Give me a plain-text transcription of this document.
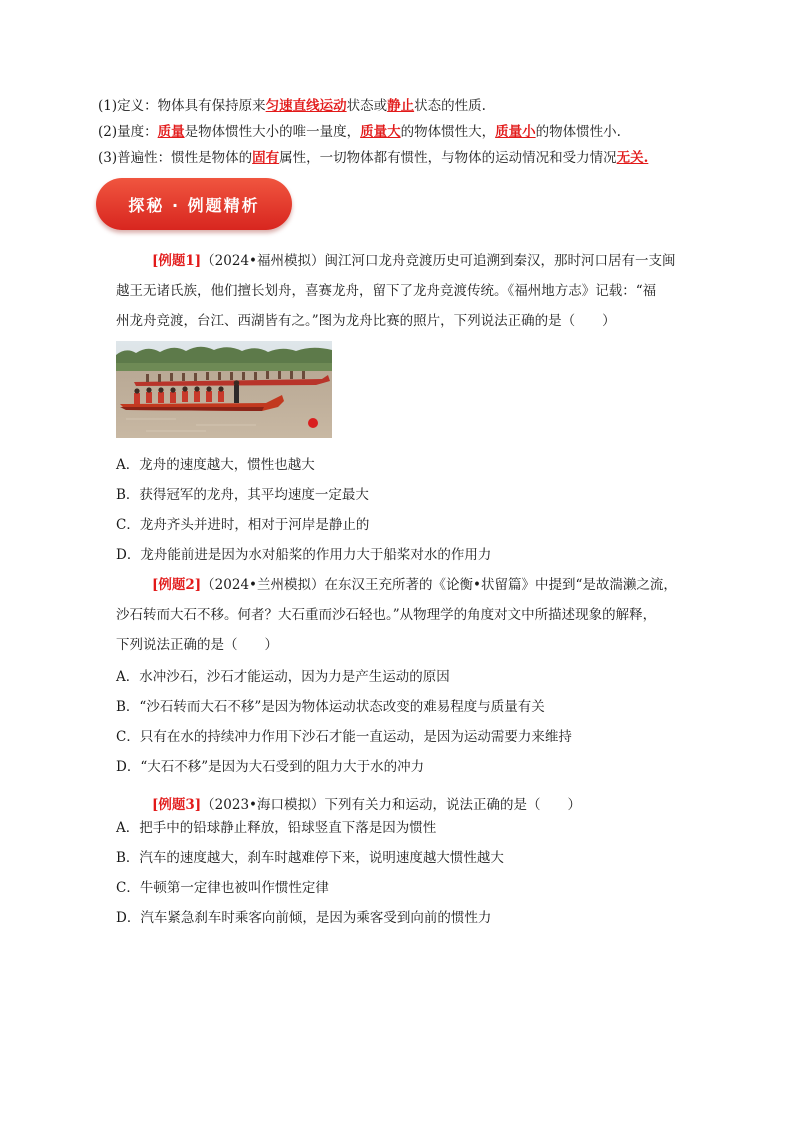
(1)定义：物体具有保持原来匀速直线运动状态或静止状态的性质.
(2)量度：质量是物体惯性大小的唯一量度，质量大的物体惯性大，质量小的物体惯性小.
(3)普遍性：惯性是物体的固有属性，一切物体都有惯性，与物体的运动情况和受力情况无关.
探秘 · 例题精析
[例题1]（2024•福州模拟）闽江河口龙舟竞渡历史可追溯到秦汉，那时河口居有一支闽
越王无诸氏族，他们擅长划舟，喜赛龙舟，留下了龙舟竞渡传统。《福州地方志》记载：“福
州龙舟竞渡，台江、西湖皆有之。”图为龙舟比赛的照片，下列说法正确的是（　　）
A．龙舟的速度越大，惯性也越大
B．获得冠军的龙舟，其平均速度一定最大
C．龙舟齐头并进时，相对于河岸是静止的
D．龙舟能前进是因为水对船桨的作用力大于船桨对水的作用力
[例题2]（2024•兰州模拟）在东汉王充所著的《论衡•状留篇》中提到“是故湍濑之流，
沙石转而大石不移。何者？大石重而沙石轻也。”从物理学的角度对文中所描述现象的解释，
下列说法正确的是（　　）
A．水冲沙石，沙石才能运动，因为力是产生运动的原因
B．“沙石转而大石不移”是因为物体运动状态改变的难易程度与质量有关
C．只有在水的持续冲力作用下沙石才能一直运动，是因为运动需要力来维持
D．“大石不移”是因为大石受到的阻力大于水的冲力
[例题3]（2023•海口模拟）下列有关力和运动，说法正确的是（　　）
A．把手中的铅球静止释放，铅球竖直下落是因为惯性
B．汽车的速度越大，刹车时越难停下来，说明速度越大惯性越大
C．牛顿第一定律也被叫作惯性定律
D．汽车紧急刹车时乘客向前倾，是因为乘客受到向前的惯性力
